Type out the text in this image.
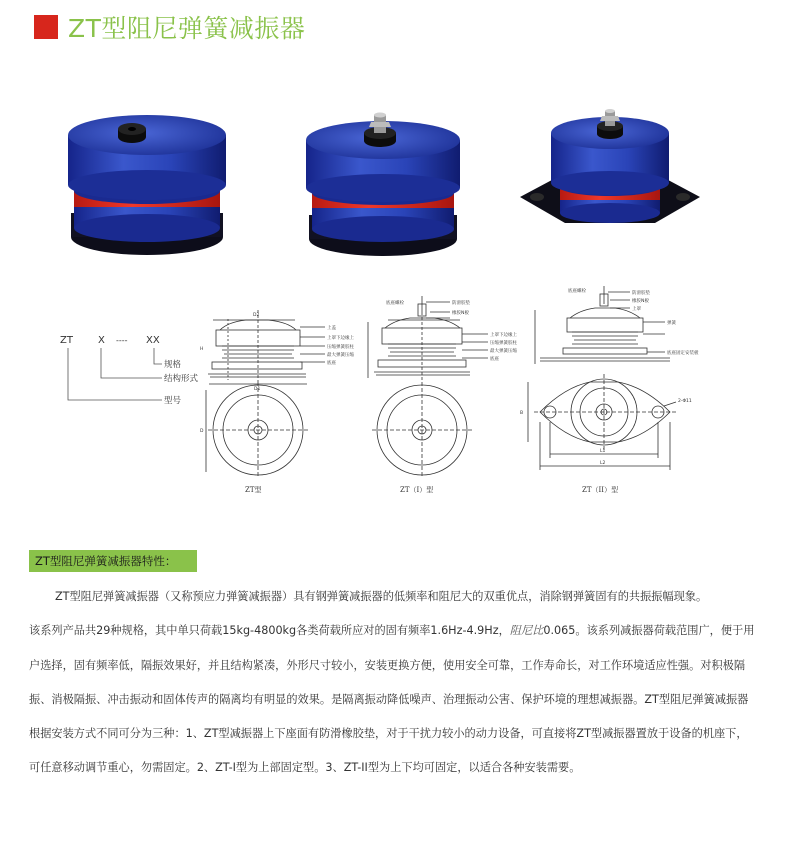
ZT型阻尼弹簧减振器
ZT	X ---- XX
规格
结构形式
型号
D2
D1
H
D
上盖
上罩下边缘上
压缩弹簧胶柱
最大弹簧压缩
底座
ZT型
底座螺栓	防滑胶垫
橡胶N板
上罩下边缘上
压缩弹簧胶柱
最大弹簧压缩
底座
ZT（I）型
底座螺栓	防滑胶垫
橡胶N板
上罩
弹簧
底座固定安装板
2-Φ11
L1
L2
B
ZT（II）型
ZT型阻尼弹簧减振器特性：

ZT型阻尼弹簧减振器（又称预应力弹簧减振器）具有钢弹簧减振器的低频率和阻尼大的双重优点，消除钢弹簧固有的共振振幅现象。

该系列产品共29种规格，其中单只荷载15kg-4800kg各类荷载所应对的固有频率1.6Hz-4.9Hz，阻尼比0.065。该系列减振器荷载范围广，便于用户选择，固有频率低，隔振效果好，并且结构紧凑，外形尺寸较小，安装更换方便，使用安全可靠，工作寿命长，对工作环境适应性强。对积极隔振、消极隔振、冲击振动和固体传声的隔离均有明显的效果。是隔离振动降低噪声、治理振动公害、保护环境的理想减振器。ZT型阻尼弹簧减振器根据安装方式不同可分为三种：1、ZT型减振器上下座面有防滑橡胶垫，对于干扰力较小的动力设备，可直接将ZT型减振器置放于设备的机座下，可任意移动调节重心，勿需固定。2、ZT-I型为上部固定型。3、ZT-II型为上下均可固定，以适合各种安装需要。
